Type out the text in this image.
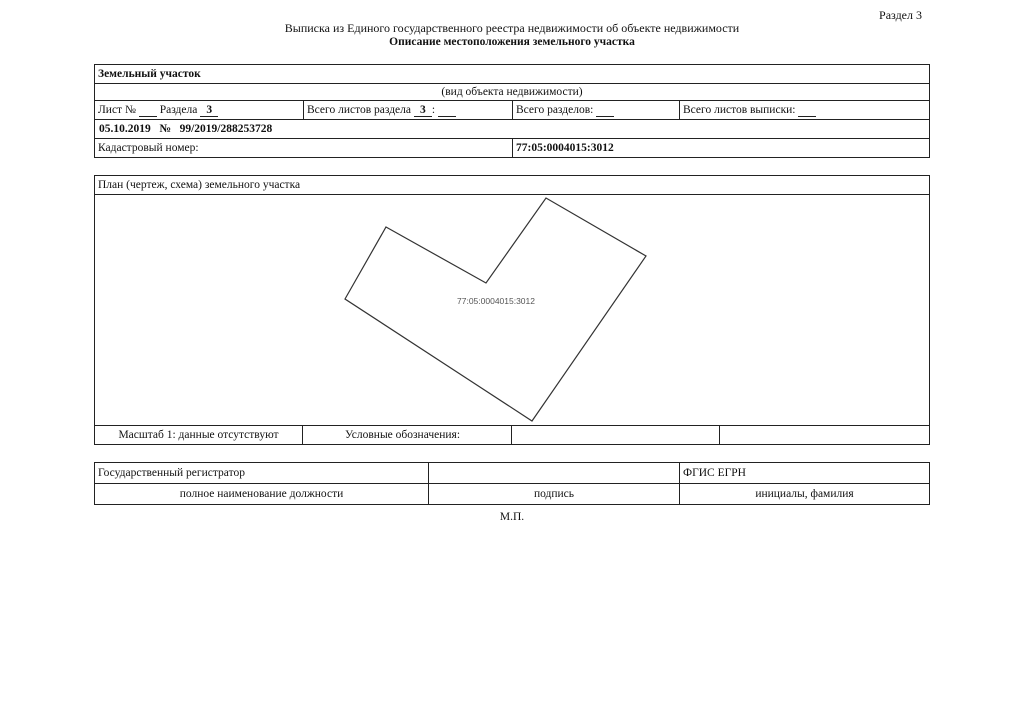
Раздел 3
Выписка из Единого государственного реестра недвижимости об объекте недвижимости
Описание местоположения земельного участка
Земельный участок			
(вид объекта недвижимости)			
Лист № Раздела 3	Всего листов раздела 3 :	Всего разделов:	Всего листов выписки:
05.10.2019 № 99/2019/288253728			
Кадастровый номер:		77:05:0004015:3012	
План (чертеж, схема) земельного участка
77:05:0004015:3012
Масштаб 1: данные отсутствуют	Условные обозначения:
Государственный регистратор		ФГИС ЕГРН
полное наименование должности	подпись	инициалы, фамилия
М.П.
